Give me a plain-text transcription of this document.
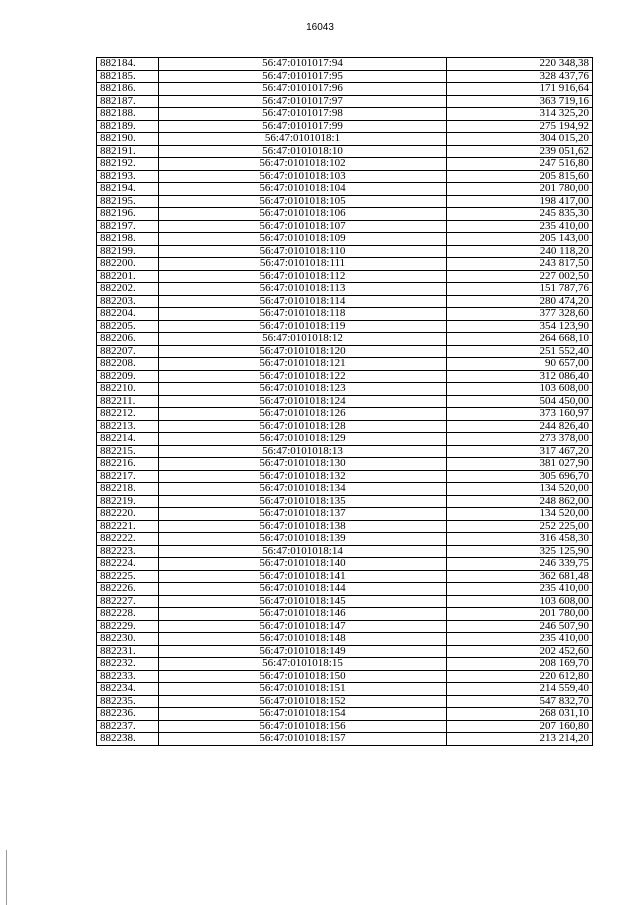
16043
882184.	56:47:0101017:94	220 348,38
882185.	56:47:0101017:95	328 437,76
882186.	56:47:0101017:96	171 916,64
882187.	56:47:0101017:97	363 719,16
882188.	56:47:0101017:98	314 325,20
882189.	56:47:0101017:99	275 194,92
882190.	56:47:0101018:1	304 015,20
882191.	56:47:0101018:10	239 051,62
882192.	56:47:0101018:102	247 516,80
882193.	56:47:0101018:103	205 815,60
882194.	56:47:0101018:104	201 780,00
882195.	56:47:0101018:105	198 417,00
882196.	56:47:0101018:106	245 835,30
882197.	56:47:0101018:107	235 410,00
882198.	56:47:0101018:109	205 143,00
882199.	56:47:0101018:110	240 118,20
882200.	56:47:0101018:111	243 817,50
882201.	56:47:0101018:112	227 002,50
882202.	56:47:0101018:113	151 787,76
882203.	56:47:0101018:114	280 474,20
882204.	56:47:0101018:118	377 328,60
882205.	56:47:0101018:119	354 123,90
882206.	56:47:0101018:12	264 668,10
882207.	56:47:0101018:120	251 552,40
882208.	56:47:0101018:121	90 657,00
882209.	56:47:0101018:122	312 086,40
882210.	56:47:0101018:123	103 608,00
882211.	56:47:0101018:124	504 450,00
882212.	56:47:0101018:126	373 160,97
882213.	56:47:0101018:128	244 826,40
882214.	56:47:0101018:129	273 378,00
882215.	56:47:0101018:13	317 467,20
882216.	56:47:0101018:130	381 027,90
882217.	56:47:0101018:132	305 696,70
882218.	56:47:0101018:134	134 520,00
882219.	56:47:0101018:135	248 862,00
882220.	56:47:0101018:137	134 520,00
882221.	56:47:0101018:138	252 225,00
882222.	56:47:0101018:139	316 458,30
882223.	56:47:0101018:14	325 125,90
882224.	56:47:0101018:140	246 339,75
882225.	56:47:0101018:141	362 681,48
882226.	56:47:0101018:144	235 410,00
882227.	56:47:0101018:145	103 608,00
882228.	56:47:0101018:146	201 780,00
882229.	56:47:0101018:147	246 507,90
882230.	56:47:0101018:148	235 410,00
882231.	56:47:0101018:149	202 452,60
882232.	56:47:0101018:15	208 169,70
882233.	56:47:0101018:150	220 612,80
882234.	56:47:0101018:151	214 559,40
882235.	56:47:0101018:152	547 832,70
882236.	56:47:0101018:154	268 031,10
882237.	56:47:0101018:156	207 160,80
882238.	56:47:0101018:157	213 214,20
